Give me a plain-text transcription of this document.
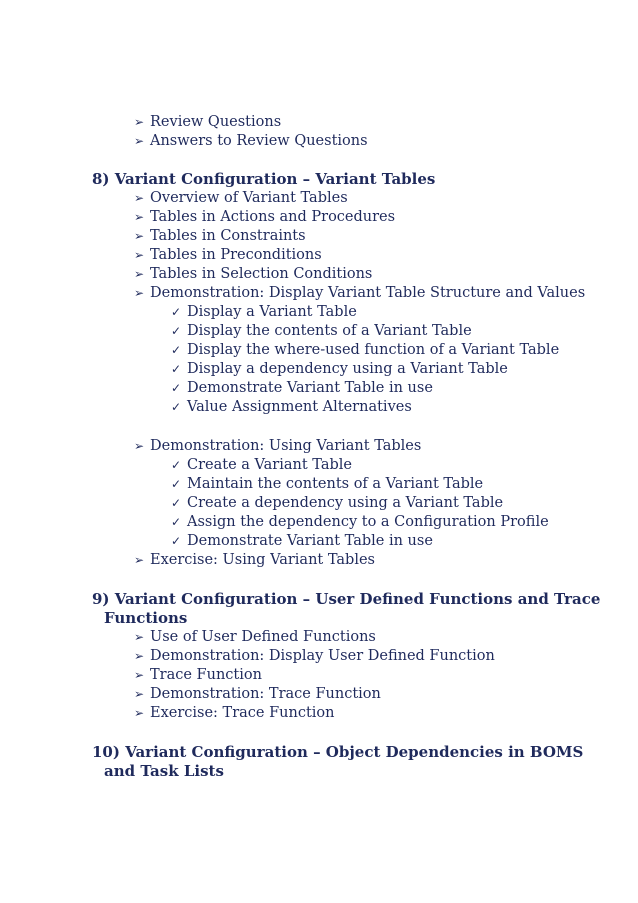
➢ Review Questions
➢ Answers to Review Questions
8) Variant Configuration – Variant Tables
➢ Overview of Variant Tables
➢ Tables in Actions and Procedures
➢ Tables in Constraints
➢ Tables in Preconditions
➢ Tables in Selection Conditions
➢ Demonstration: Display Variant Table Structure and Values
✓ Display a Variant Table
✓ Display the contents of a Variant Table
✓ Display the where-used function of a Variant Table
✓ Display a dependency using a Variant Table
✓ Demonstrate Variant Table in use
✓ Value Assignment Alternatives
➢ Demonstration: Using Variant Tables
✓ Create a Variant Table
✓ Maintain the contents of a Variant Table
✓ Create a dependency using a Variant Table
✓ Assign the dependency to a Configuration Profile
✓ Demonstrate Variant Table in use
➢ Exercise: Using Variant Tables
9) Variant Configuration – User Defined Functions and Trace
Functions
➢ Use of User Defined Functions
➢ Demonstration: Display User Defined Function
➢ Trace Function
➢ Demonstration: Trace Function
➢ Exercise: Trace Function
10) Variant Configuration – Object Dependencies in BOMS
and Task Lists
